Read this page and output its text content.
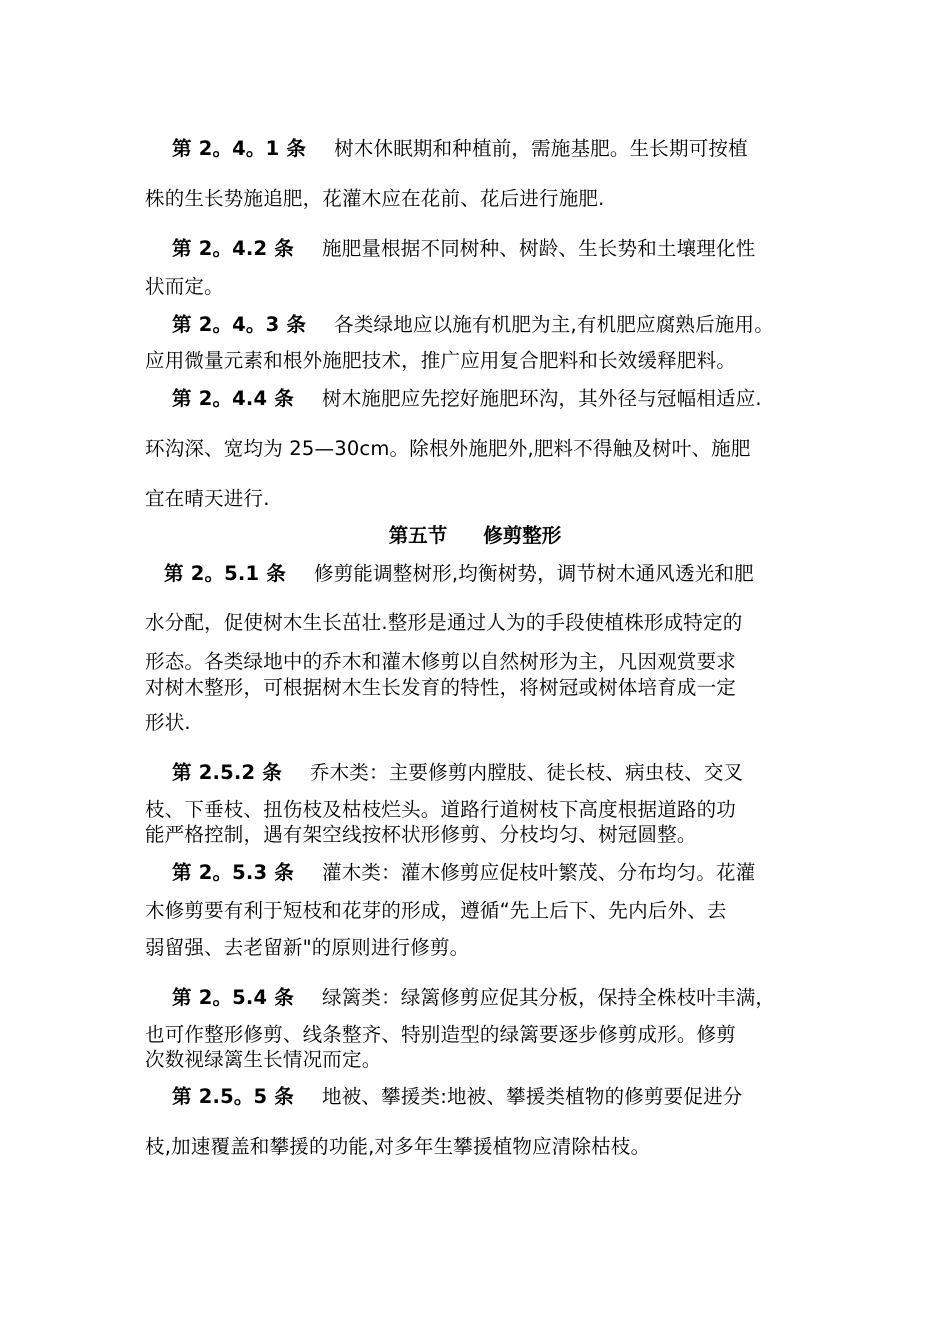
第 2。4。1 条 树木休眠期和种植前，需施基肥。生长期可按植
株的生长势施追肥，花灌木应在花前、花后进行施肥.
第 2。4.2 条 施肥量根据不同树种、树龄、生长势和土壤理化性
状而定。
第 2。4。3 条 各类绿地应以施有机肥为主,有机肥应腐熟后施用。
应用微量元素和根外施肥技术，推广应用复合肥料和长效缓释肥料。
第 2。4.4 条 树木施肥应先挖好施肥环沟，其外径与冠幅相适应.
环沟深、宽均为 25—30cm。除根外施肥外,肥料不得触及树叶、施肥
宜在晴天进行.
第五节 修剪整形
第 2。5.1 条 修剪能调整树形,均衡树势，调节树木通风透光和肥
水分配，促使树木生长茁壮.整形是通过人为的手段使植株形成特定的
形态。各类绿地中的乔木和灌木修剪以自然树形为主，凡因观赏要求
对树木整形，可根据树木生长发育的特性，将树冠或树体培育成一定
形状.
第 2.5.2 条 乔木类：主要修剪内膛肢、徒长枝、病虫枝、交叉
枝、下垂枝、扭伤枝及枯枝烂头。道路行道树枝下高度根据道路的功
能严格控制，遇有架空线按杯状形修剪、分枝均匀、树冠圆整。
第 2。5.3 条 灌木类：灌木修剪应促枝叶繁茂、分布均匀。花灌
木修剪要有利于短枝和花芽的形成，遵循“先上后下、先内后外、去
弱留强、去老留新"的原则进行修剪。
第 2。5.4 条 绿篱类：绿篱修剪应促其分板，保持全株枝叶丰满，
也可作整形修剪、线条整齐、特别造型的绿篱要逐步修剪成形。修剪
次数视绿篱生长情况而定。
第 2.5。5 条 地被、攀援类:地被、攀援类植物的修剪要促进分
枝,加速覆盖和攀援的功能,对多年生攀援植物应清除枯枝。
